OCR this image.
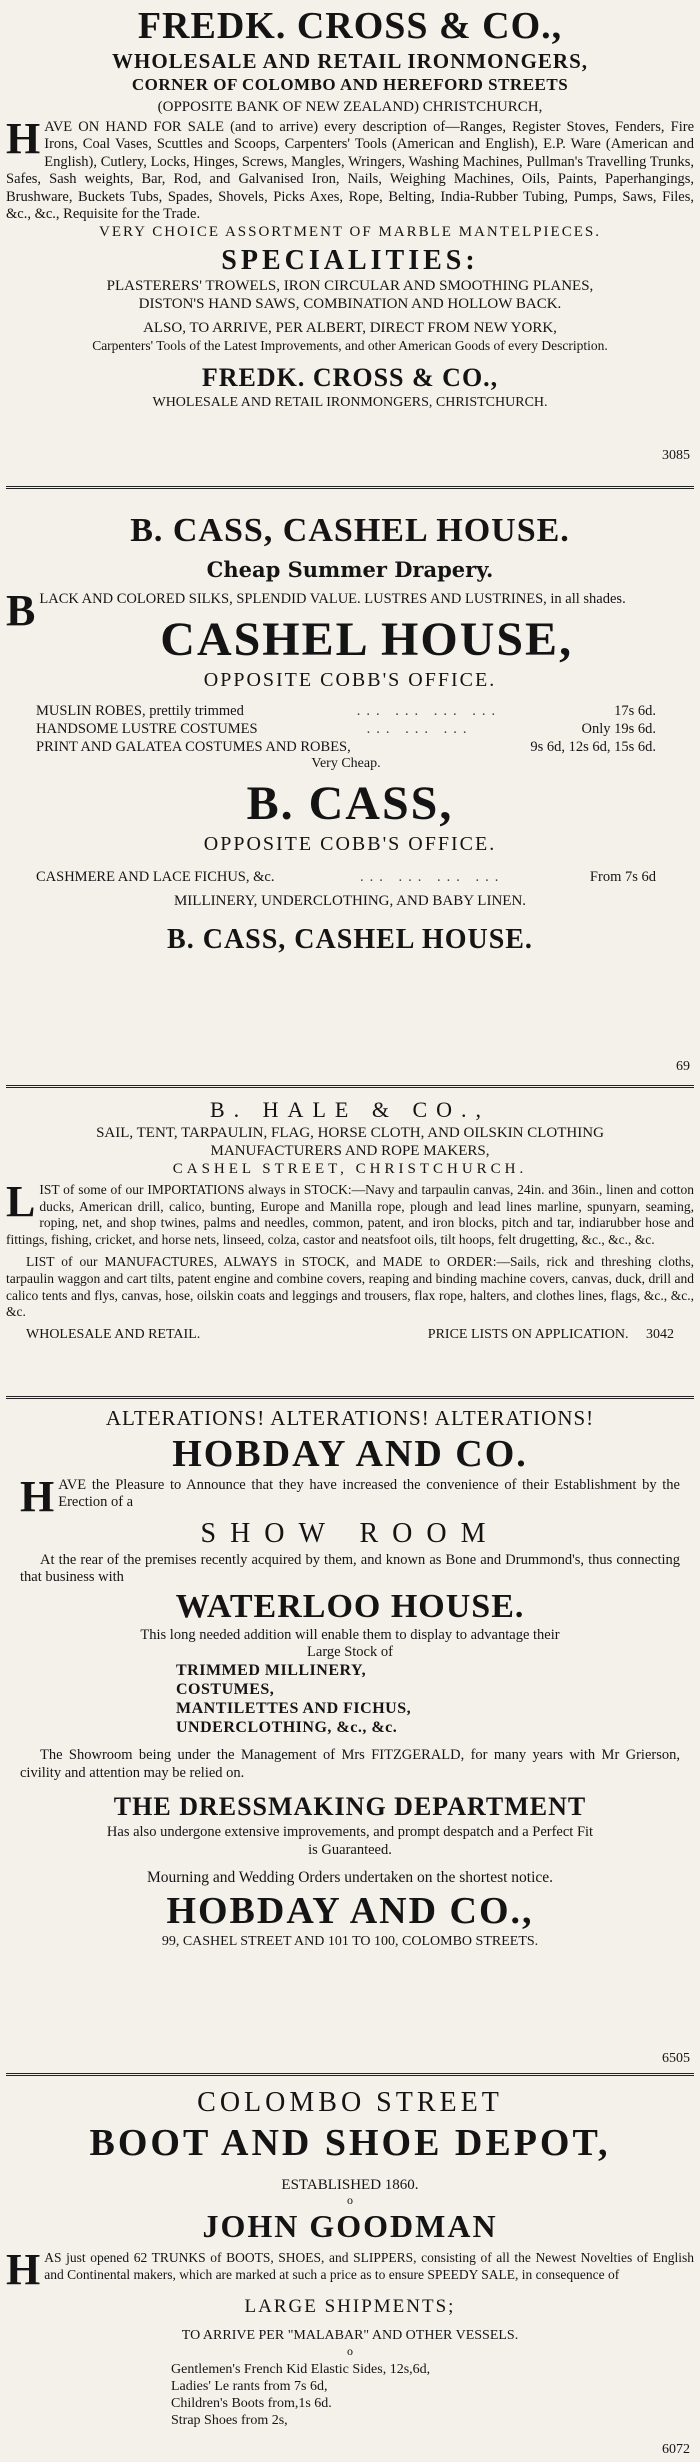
FREDK. CROSS & CO.,
WHOLESALE AND RETAIL IRONMONGERS,
CORNER OF COLOMBO AND HEREFORD STREETS
(OPPOSITE BANK OF NEW ZEALAND) CHRISTCHURCH,
H AVE ON HAND FOR SALE (and to arrive) every description of—Ranges, Register Stoves, Fenders, Fire Irons, Coal Vases, Scuttles and Scoops, Carpenters' Tools (American and English), E.P. Ware (American and English), Cutlery, Locks, Hinges, Screws, Mangles, Wringers, Washing Machines, Pullman's Travelling Trunks, Safes, Sash weights, Bar, Rod, and Galvanised Iron, Nails, Weighing Machines, Oils, Paints, Paperhangings, Brushware, Buckets Tubs, Spades, Shovels, Picks Axes, Rope, Belting, India-Rubber Tubing, Pumps, Saws, Files, &c., &c., Requisite for the Trade.
VERY CHOICE ASSORTMENT OF MARBLE MANTELPIECES.
SPECIALITIES:
PLASTERERS' TROWELS, IRON CIRCULAR AND SMOOTHING PLANES,
DISTON'S HAND SAWS, COMBINATION AND HOLLOW BACK.
ALSO, TO ARRIVE, PER ALBERT, DIRECT FROM NEW YORK,
Carpenters' Tools of the Latest Improvements, and other American Goods of every Description.
FREDK. CROSS & CO.,
WHOLESALE AND RETAIL IRONMONGERS, CHRISTCHURCH.
3085
B. CASS, CASHEL HOUSE.
Cheap Summer Drapery.
B LACK AND COLORED SILKS, SPLENDID VALUE. LUSTRES AND LUSTRINES, in all shades.
CASHEL HOUSE,
OPPOSITE COBB'S OFFICE.
MUSLIN ROBES, prettily trimmed	... ... ... ...	17s 6d.
HANDSOME LUSTRE COSTUMES	... ... ...	Only 19s 6d.
PRINT AND GALATEA COSTUMES AND ROBES,	9s 6d, 12s 6d, 15s 6d.
Very Cheap.
B. CASS,
OPPOSITE COBB'S OFFICE.
CASHMERE AND LACE FICHUS, &c.	... ... ... ...	From 7s 6d
MILLINERY, UNDERCLOTHING, AND BABY LINEN.
B. CASS, CASHEL HOUSE.
69
B. HALE & CO.,
SAIL, TENT, TARPAULIN, FLAG, HORSE CLOTH, AND OILSKIN CLOTHING
MANUFACTURERS AND ROPE MAKERS,
CASHEL STREET, CHRISTCHURCH.
L IST of some of our IMPORTATIONS always in STOCK:—Navy and tarpaulin canvas, 24in. and 36in., linen and cotton ducks, American drill, calico, bunting, Europe and Manilla rope, plough and lead lines marline, spunyarn, seaming, roping, net, and shop twines, palms and needles, common, patent, and iron blocks, pitch and tar, indiarubber hose and fittings, fishing, cricket, and horse nets, linseed, colza, castor and neatsfoot oils, tilt hoops, felt drugetting, &c., &c., &c.
LIST of our MANUFACTURES, ALWAYS in STOCK, and MADE to ORDER:—Sails, rick and threshing cloths, tarpaulin waggon and cart tilts, patent engine and combine covers, reaping and binding machine covers, canvas, duck, drill and calico tents and flys, canvas, hose, oilskin coats and leggings and trousers, flax rope, halters, and clothes lines, flags, &c., &c., &c.
WHOLESALE AND RETAIL.	PRICE LISTS ON APPLICATION. 3042
ALTERATIONS! ALTERATIONS! ALTERATIONS!
HOBDAY AND CO.
H AVE the Pleasure to Announce that they have increased the convenience of their Establishment by the Erection of a
SHOW ROOM
At the rear of the premises recently acquired by them, and known as Bone and Drummond's, thus connecting that business with
WATERLOO HOUSE.
This long needed addition will enable them to display to advantage their
Large Stock of
TRIMMED MILLINERY,
COSTUMES,
MANTILETTES AND FICHUS,
UNDERCLOTHING, &c., &c.
The Showroom being under the Management of Mrs FITZGERALD, for many years with Mr Grierson, civility and attention may be relied on.
THE DRESSMAKING DEPARTMENT
Has also undergone extensive improvements, and prompt despatch and a Perfect Fit is Guaranteed.
Mourning and Wedding Orders undertaken on the shortest notice.
HOBDAY AND CO.,
99, CASHEL STREET AND 101 TO 100, COLOMBO STREETS.
6505
COLOMBO STREET
BOOT AND SHOE DEPOT,
ESTABLISHED 1860.
o
JOHN GOODMAN
H AS just opened 62 TRUNKS of BOOTS, SHOES, and SLIPPERS, consisting of all the Newest Novelties of English and Continental makers, which are marked at such a price as to ensure SPEEDY SALE, in consequence of
LARGE SHIPMENTS;
TO ARRIVE PER "MALABAR" AND OTHER VESSELS.
o
Gentlemen's French Kid Elastic Sides, 12s,6d,
Ladies' Le rants from 7s 6d,
Children's Boots from,1s 6d.
Strap Shoes from 2s,
6072
